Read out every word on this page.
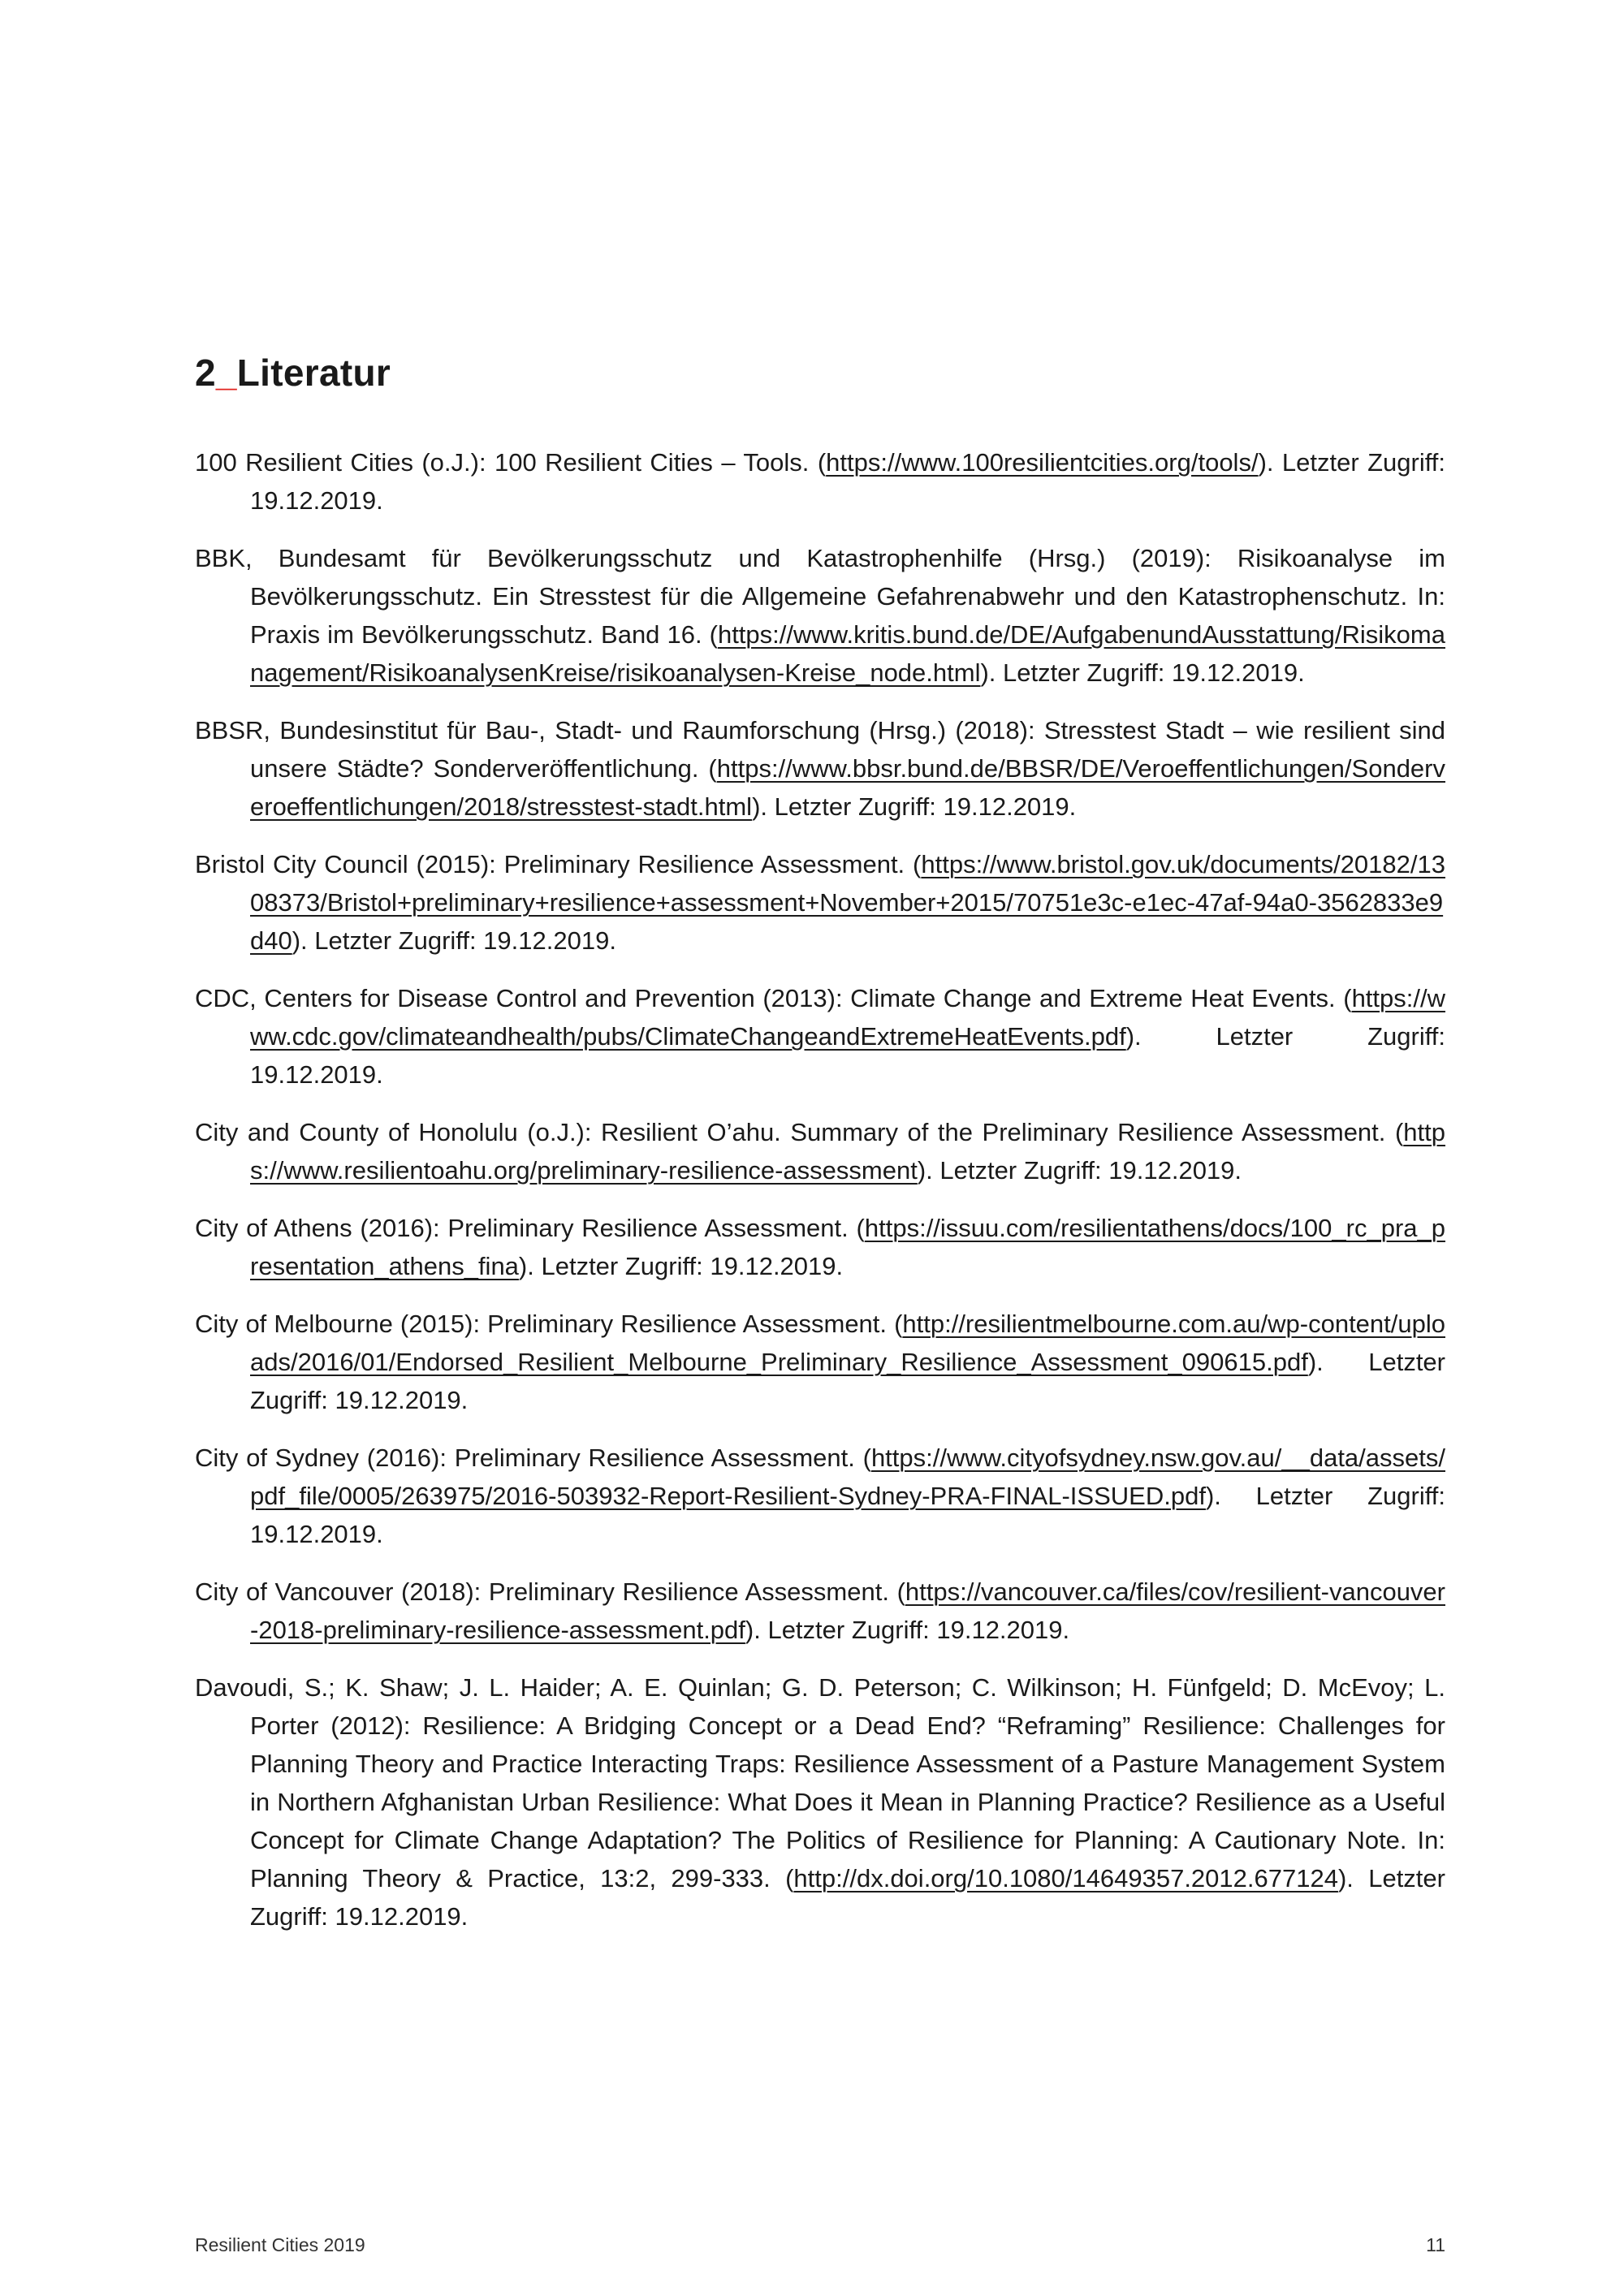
2_Literatur
100 Resilient Cities (o.J.): 100 Resilient Cities – Tools. (https://www.100resilientcities.org/tools/). Letzter Zugriff: 19.12.2019.
BBK, Bundesamt für Bevölkerungsschutz und Katastrophenhilfe (Hrsg.) (2019): Risikoanalyse im Bevölkerungsschutz. Ein Stresstest für die Allgemeine Gefahrenabwehr und den Katastrophenschutz. In: Praxis im Bevölkerungsschutz. Band 16. (https://www.kritis.bund.de/DE/AufgabenundAusstattung/Risikomanagement/RisikoanalysenKreise/risikoanalysen-Kreise_node.html). Letzter Zugriff: 19.12.2019.
BBSR, Bundesinstitut für Bau-, Stadt- und Raumforschung (Hrsg.) (2018): Stresstest Stadt – wie resilient sind unsere Städte? Sonderveröffentlichung. (https://www.bbsr.bund.de/BBSR/DE/Veroeffentlichungen/Sonderveroeffentlichungen/2018/stresstest-stadt.html). Letzter Zugriff: 19.12.2019.
Bristol City Council (2015): Preliminary Resilience Assessment. (https://www.bristol.gov.uk/documents/20182/1308373/Bristol+preliminary+resilience+assessment+November+2015/70751e3c-e1ec-47af-94a0-3562833e9d40). Letzter Zugriff: 19.12.2019.
CDC, Centers for Disease Control and Prevention (2013): Climate Change and Extreme Heat Events. (https://www.cdc.gov/climateandhealth/pubs/ClimateChangeandExtremeHeatEvents.pdf). Letzter Zugriff: 19.12.2019.
City and County of Honolulu (o.J.): Resilient O’ahu. Summary of the Preliminary Resilience Assessment. (https://www.resilientoahu.org/preliminary-resilience-assessment). Letzter Zugriff: 19.12.2019.
City of Athens (2016): Preliminary Resilience Assessment. (https://issuu.com/resilientathens/docs/100_rc_pra_presentation_athens_fina). Letzter Zugriff: 19.12.2019.
City of Melbourne (2015): Preliminary Resilience Assessment. (http://resilientmelbourne.com.au/wp-content/uploads/2016/01/Endorsed_Resilient_Melbourne_Preliminary_Resilience_Assessment_090615.pdf). Letzter Zugriff: 19.12.2019.
City of Sydney (2016): Preliminary Resilience Assessment. (https://www.cityofsydney.nsw.gov.au/__data/assets/pdf_file/0005/263975/2016-503932-Report-Resilient-Sydney-PRA-FINAL-ISSUED.pdf). Letzter Zugriff: 19.12.2019.
City of Vancouver (2018): Preliminary Resilience Assessment. (https://vancouver.ca/files/cov/resilient-vancouver-2018-preliminary-resilience-assessment.pdf). Letzter Zugriff: 19.12.2019.
Davoudi, S.; K. Shaw; J. L. Haider; A. E. Quinlan; G. D. Peterson; C. Wilkinson; H. Fünfgeld; D. McEvoy; L. Porter (2012): Resilience: A Bridging Concept or a Dead End? “Reframing” Resilience: Challenges for Planning Theory and Practice Interacting Traps: Resilience Assessment of a Pasture Management System in Northern Afghanistan Urban Resilience: What Does it Mean in Planning Practice? Resilience as a Useful Concept for Climate Change Adaptation? The Politics of Resilience for Planning: A Cautionary Note. In: Planning Theory & Practice, 13:2, 299-333. (http://dx.doi.org/10.1080/14649357.2012.677124). Letzter Zugriff: 19.12.2019.
Resilient Cities 2019	11
